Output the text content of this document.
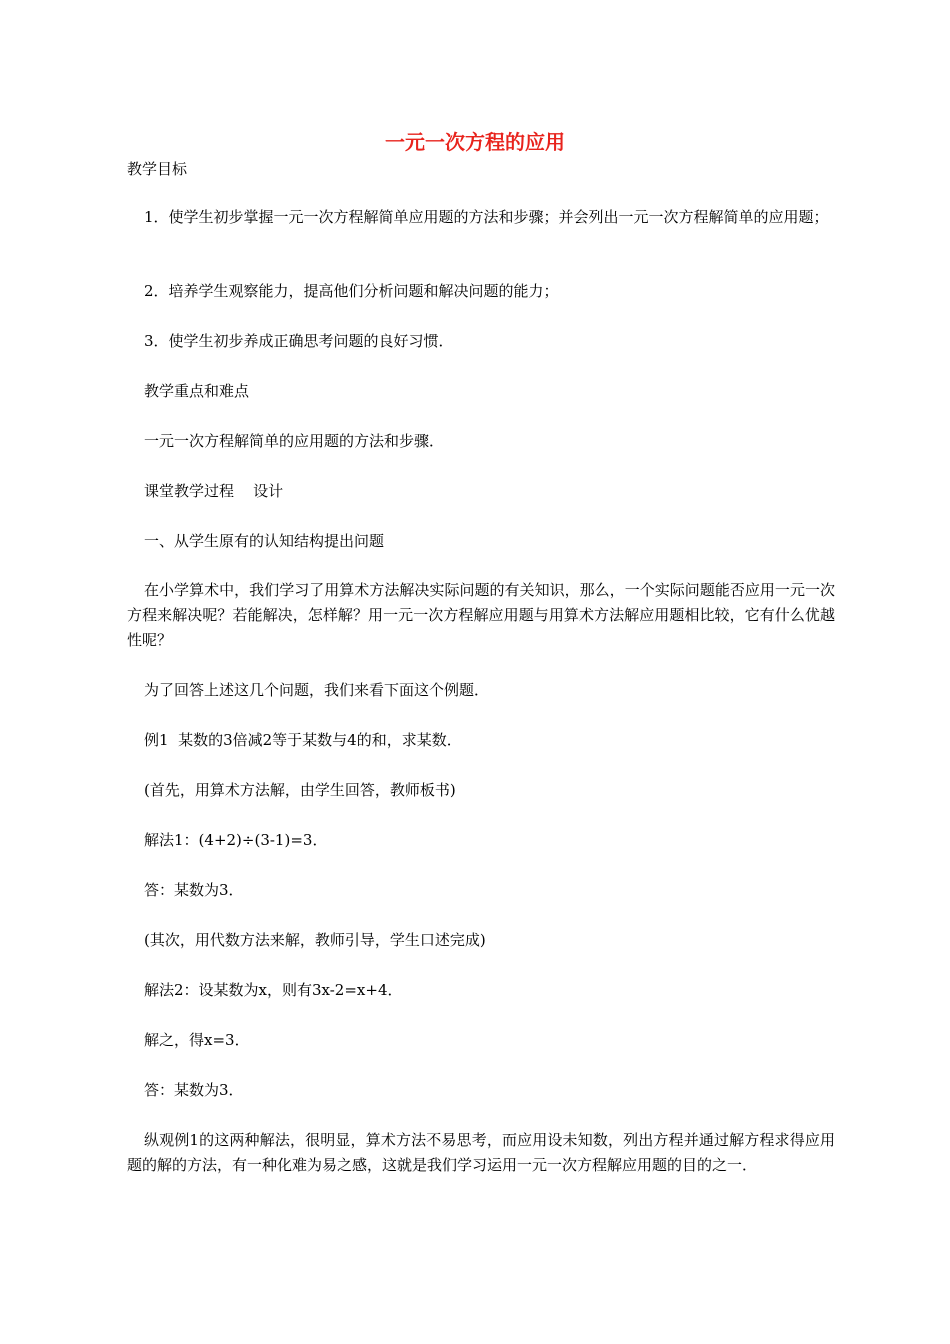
一元一次方程的应用
教学目标
1．使学生初步掌握一元一次方程解简单应用题的方法和步骤；并会列出一元一次方程解简单的应用题；
2．培养学生观察能力，提高他们分析问题和解决问题的能力；
3．使学生初步养成正确思考问题的良好习惯．
教学重点和难点
一元一次方程解简单的应用题的方法和步骤．
课堂教学过程    设计
一、从学生原有的认知结构提出问题
在小学算术中，我们学习了用算术方法解决实际问题的有关知识，那么，一个实际问题能否应用一元一次方程来解决呢？若能解决，怎样解？用一元一次方程解应用题与用算术方法解应用题相比较，它有什么优越性呢？
为了回答上述这几个问题，我们来看下面这个例题．
例1  某数的3倍减2等于某数与4的和，求某数．
(首先，用算术方法解，由学生回答，教师板书)
解法1：(4+2)÷(3-1)=3．
答：某数为3．
(其次，用代数方法来解，教师引导，学生口述完成)
解法2：设某数为x，则有3x-2=x+4．
解之，得x=3．
答：某数为3．
纵观例1的这两种解法，很明显，算术方法不易思考，而应用设未知数，列出方程并通过解方程求得应用题的解的方法，有一种化难为易之感，这就是我们学习运用一元一次方程解应用题的目的之一．
